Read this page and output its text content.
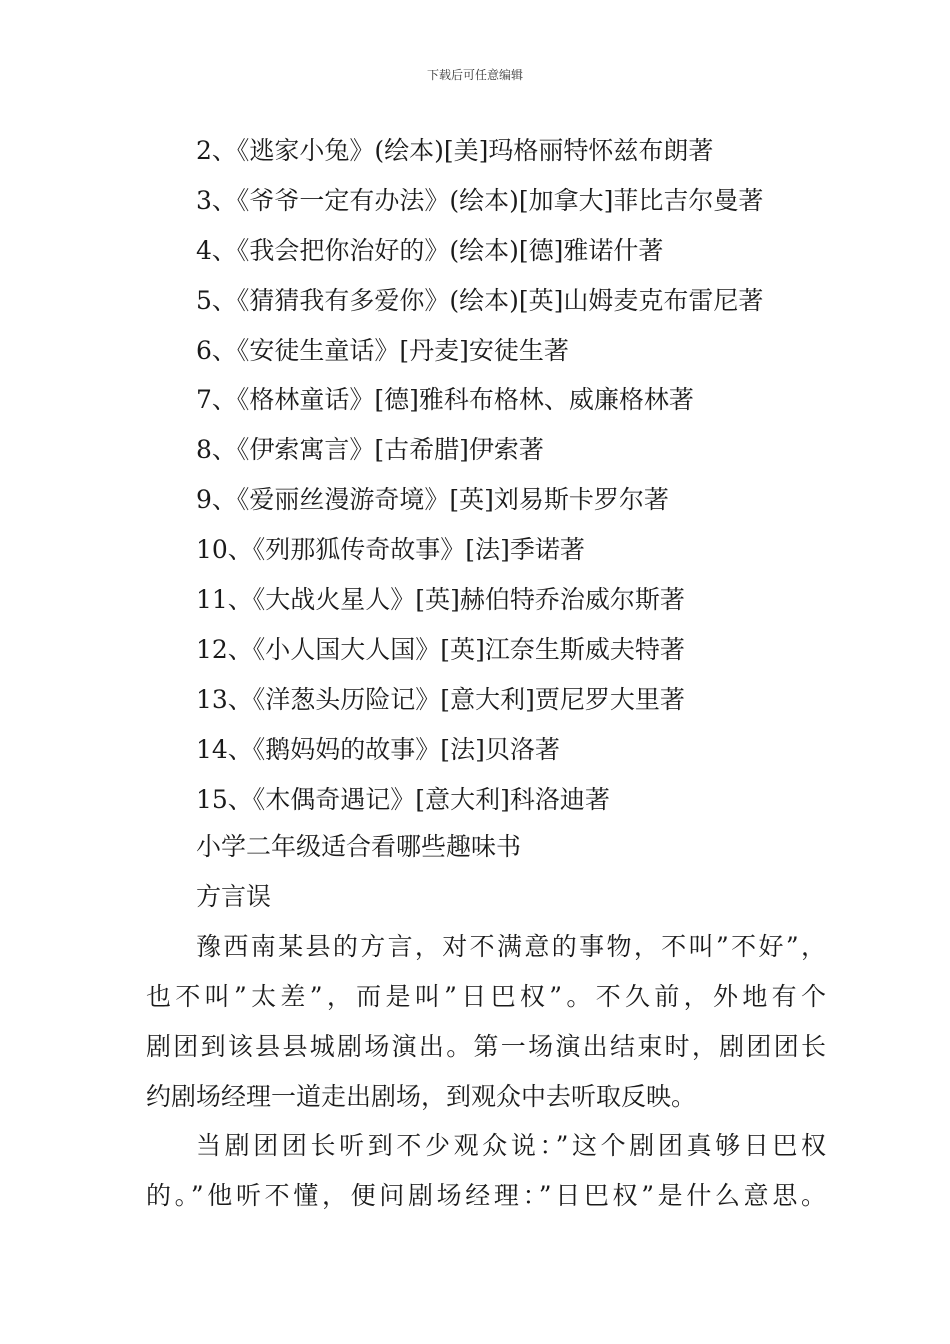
下载后可任意编辑
2、《逃家小兔》(绘本)[美]玛格丽特怀兹布朗著
3、《爷爷一定有办法》(绘本)[加拿大]菲比吉尔曼著
4、《我会把你治好的》(绘本)[德]雅诺什著
5、《猜猜我有多爱你》(绘本)[英]山姆麦克布雷尼著
6、《安徒生童话》[丹麦]安徒生著
7、《格林童话》[德]雅科布格林、威廉格林著
8、《伊索寓言》[古希腊]伊索著
9、《爱丽丝漫游奇境》[英]刘易斯卡罗尔著
10、《列那狐传奇故事》[法]季诺著
11、《大战火星人》[英]赫伯特乔治威尔斯著
12、《小人国大人国》[英]江奈生斯威夫特著
13、《洋葱头历险记》[意大利]贾尼罗大里著
14、《鹅妈妈的故事》[法]贝洛著
15、《木偶奇遇记》[意大利]科洛迪著
小学二年级适合看哪些趣味书
方言误
豫西南某县的方言，对不满意的事物，不叫”不好”，
也不叫”太差”，而是叫”日巴权”。不久前，外地有个
剧团到该县县城剧场演出。第一场演出结束时，剧团团长
约剧场经理一道走出剧场，到观众中去听取反映。
当剧团团长听到不少观众说：”这个剧团真够日巴权
的。”他听不懂，便问剧场经理：”日巴权”是什么意思。
